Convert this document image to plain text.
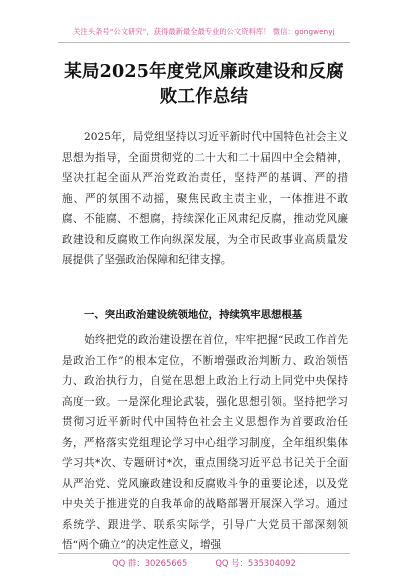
关注头条号“公文研究”，获得最新最全最专业的公文资料库！ 微信：gongwenyj
某局2025年度党风廉政建设和反腐败工作总结

2025年，局党组坚持以习近平新时代中国特色社会主义思想为指导，全面贯彻党的二十大和二十届四中全会精神，坚决扛起全面从严治党政治责任，坚持严的基调、严的措施、严的氛围不动摇，聚焦民政主责主业，一体推进不敢腐、不能腐、不想腐，持续深化正风肃纪反腐，推动党风廉政建设和反腐败工作向纵深发展，为全市民政事业高质量发展提供了坚强政治保障和纪律支撑。

一、突出政治建设统领地位，持续筑牢思想根基

始终把党的政治建设摆在首位，牢牢把握“民政工作首先是政治工作”的根本定位，不断增强政治判断力、政治领悟力、政治执行力，自觉在思想上政治上行动上同党中央保持高度一致。一是深化理论武装，强化思想引领。坚持把学习贯彻习近平新时代中国特色社会主义思想作为首要政治任务，严格落实党组理论学习中心组学习制度，全年组织集体学习共*次、专题研讨*次，重点围绕习近平总书记关于全面从严治党、党风廉政建设和反腐败斗争的重要论述，以及党中央关于推进党的自我革命的战略部署开展深入学习。通过系统学、跟进学、联系实际学，引导广大党员干部深刻领悟“两个确立”的决定性意义，增强

QQ 群：30265665	QQ 号：535304092
